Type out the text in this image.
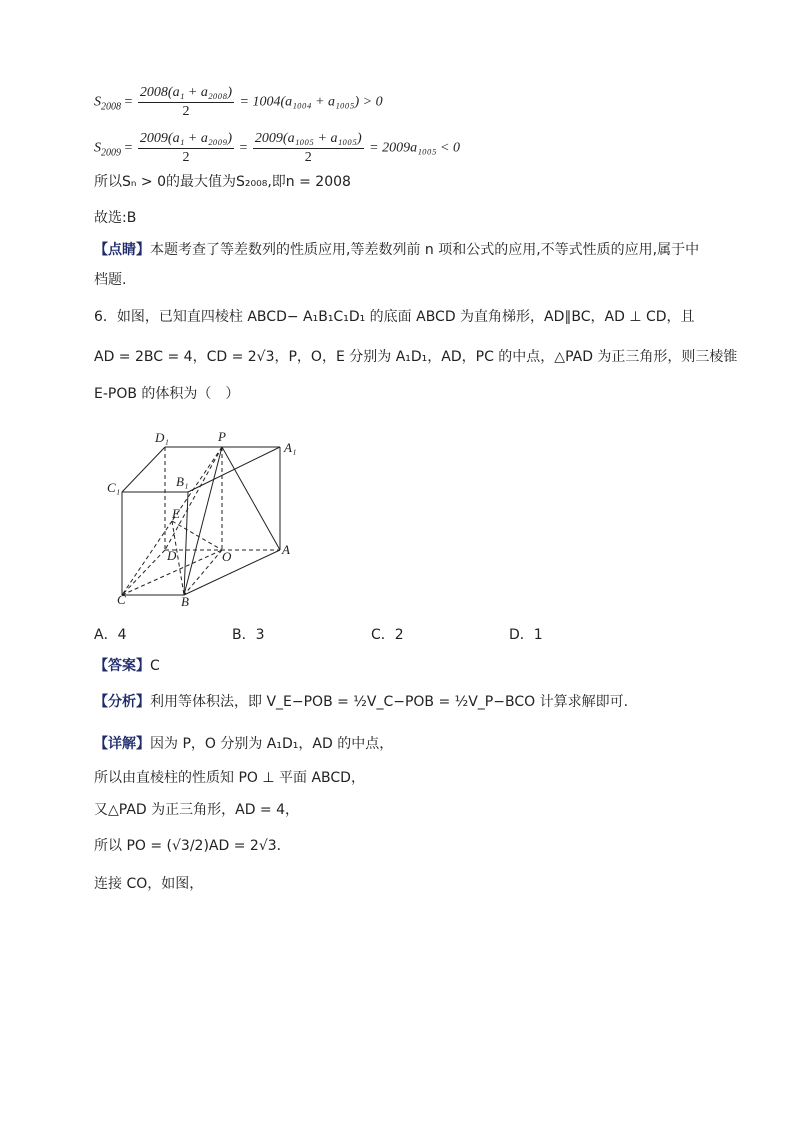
$S_{2008} = \frac{\text{2008(a₁ + a₂₀₀₈)}}{2} = 1004(a_{1004} + a_{1005}) > 0$
$S_{2009} = \frac{\text{2009(a₁ + a₂₀₀₉)}}{2} = \frac{\text{2009(a₁₀₀₅ + a₁₀₀₅)}}{2} = 2009a_{1005} < 0$
所以Sₙ > 0的最大值为S₂₀₀₈,即n = 2008
故选:B
【点睛】本题考查了等差数列的性质应用,等差数列前 n 项和公式的应用,不等式性质的应用,属于中
档题.
6．如图，已知直四棱柱 ABCD− A₁B₁C₁D₁ 的底面 ABCD 为直角梯形，AD∥BC，AD ⊥ CD，且
AD = 2BC = 4，CD = 2√3，P，O，E 分别为 A₁D₁，AD，PC 的中点，△PAD 为正三角形，则三棱锥
E-POB 的体积为（　）
D₁	P
A₁
C₁	B₁
E
D	O	A
C	B
A．4	B．3	C．2	D．1
【答案】C
【分析】利用等体积法，即 V_E−POB = ½V_C−POB = ½V_P−BCO 计算求解即可.
【详解】因为 P，O 分别为 A₁D₁，AD 的中点，
所以由直棱柱的性质知 PO ⊥ 平面 ABCD，
又△PAD 为正三角形，AD = 4，
所以 PO = (√3/2)AD = 2√3．
连接 CO，如图，
